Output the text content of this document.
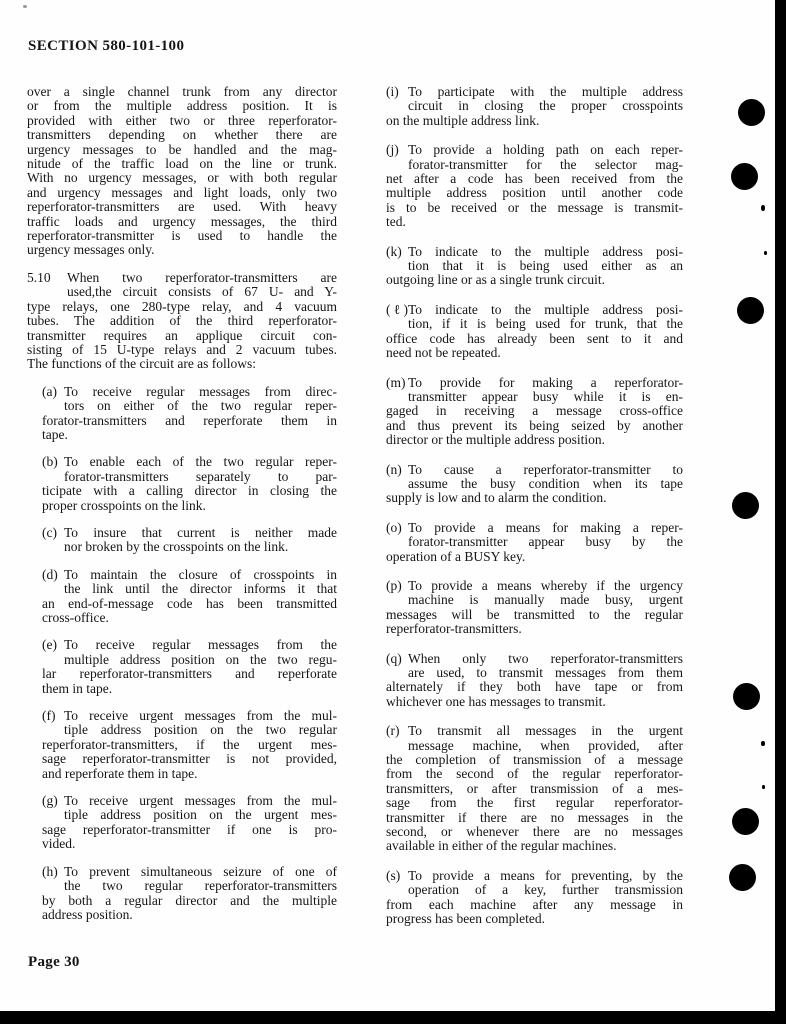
SECTION 580-101-100
over a single channel trunk from any director
or from the multiple address position. It is
provided with either two or three reperforator-
transmitters depending on whether there are
urgency messages to be handled and the mag-
nitude of the traffic load on the line or trunk.
With no urgency messages, or with both regular
and urgency messages and light loads, only two
reperforator-transmitters are used. With heavy
traffic loads and urgency messages, the third
reperforator-transmitter is used to handle the
urgency messages only.
5.10 When two reperforator-transmitters are
used,the circuit consists of 67 U- and Y-
type relays, one 280-type relay, and 4 vacuum
tubes. The addition of the third reperforator-
transmitter requires an applique circuit con-
sisting of 15 U-type relays and 2 vacuum tubes.
The functions of the circuit are as follows:
(a) To receive regular messages from direc-
tors on either of the two regular reper-
forator-transmitters and reperforate them in
tape.
(b) To enable each of the two regular reper-
forator-transmitters separately to par-
ticipate with a calling director in closing the
proper crosspoints on the link.
(c) To insure that current is neither made
nor broken by the crosspoints on the link.
(d) To maintain the closure of crosspoints in
the link until the director informs it that
an end-of-message code has been transmitted
cross-office.
(e) To receive regular messages from the
multiple address position on the two regu-
lar reperforator-transmitters and reperforate
them in tape.
(f) To receive urgent messages from the mul-
tiple address position on the two regular
reperforator-transmitters, if the urgent mes-
sage reperforator-transmitter is not provided,
and reperforate them in tape.
(g) To receive urgent messages from the mul-
tiple address position on the urgent mes-
sage reperforator-transmitter if one is pro-
vided.
(h) To prevent simultaneous seizure of one of
the two regular reperforator-transmitters
by both a regular director and the multiple
address position.
(i) To participate with the multiple address
circuit in closing the proper crosspoints
on the multiple address link.
(j) To provide a holding path on each reper-
forator-transmitter for the selector mag-
net after a code has been received from the
multiple address position until another code
is to be received or the message is transmit-
ted.
(k) To indicate to the multiple address posi-
tion that it is being used either as an
outgoing line or as a single trunk circuit.
(ℓ)To indicate to the multiple address posi-
tion, if it is being used for trunk, that the
office code has already been sent to it and
need not be repeated.
(m) To provide for making a reperforator-
transmitter appear busy while it is en-
gaged in receiving a message cross-office
and thus prevent its being seized by another
director or the multiple address position.
(n) To cause a reperforator-transmitter to
assume the busy condition when its tape
supply is low and to alarm the condition.
(o) To provide a means for making a reper-
forator-transmitter appear busy by the
operation of a BUSY key.
(p) To provide a means whereby if the urgency
machine is manually made busy, urgent
messages will be transmitted to the regular
reperforator-transmitters.
(q) When only two reperforator-transmitters
are used, to transmit messages from them
alternately if they both have tape or from
whichever one has messages to transmit.
(r) To transmit all messages in the urgent
message machine, when provided, after
the completion of transmission of a message
from the second of the regular reperforator-
transmitters, or after transmission of a mes-
sage from the first regular reperforator-
transmitter if there are no messages in the
second, or whenever there are no messages
available in either of the regular machines.
(s) To provide a means for preventing, by the
operation of a key, further transmission
from each machine after any message in
progress has been completed.
Page 30
